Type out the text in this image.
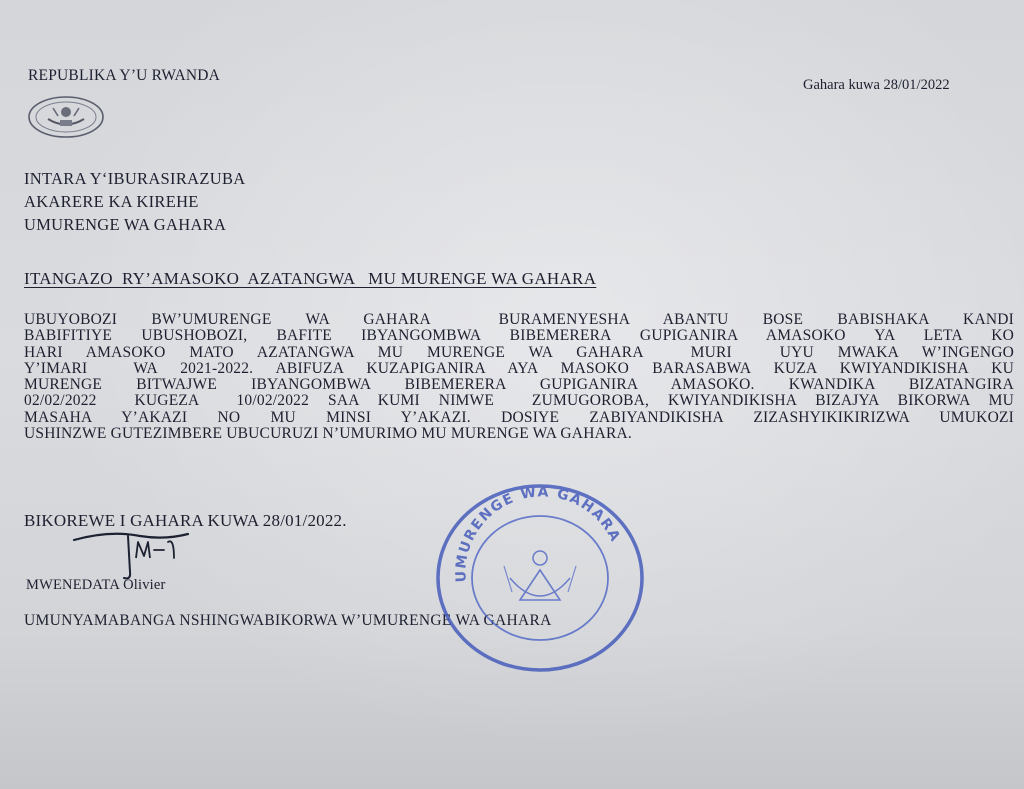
REPUBLIKA Y’U RWANDA
Gahara kuwa 28/01/2022
INTARA Y‘IBURASIRAZUBA
AKARERE KA KIREHE
UMURENGE WA GAHARA
ITANGAZO  RY’AMASOKO  AZATANGWA   MU MURENGE WA GAHARA
UBUYOBOZI BW’UMURENGE WA GAHARA  BURAMENYESHA ABANTU BOSE BABISHAKA KANDI
BABIFITIYE UBUSHOBOZI, BAFITE IBYANGOMBWA BIBEMERERA GUPIGANIRA AMASOKO YA LETA KO
HARI AMASOKO MATO AZATANGWA MU MURENGE WA GAHARA  MURI  UYU MWAKA W’INGENGO
Y’IMARI  WA 2021-2022. ABIFUZA KUZAPIGANIRA AYA MASOKO BARASABWA KUZA KWIYANDIKISHA KU
MURENGE BITWAJWE IBYANGOMBWA BIBEMERERA GUPIGANIRA AMASOKO. KWANDIKA BIZATANGIRA
02/02/2022  KUGEZA  10/02/2022 SAA KUMI NIMWE  ZUMUGOROBA, KWIYANDIKISHA BIZAJYA BIKORWA MU
MASAHA Y’AKAZI NO MU MINSI Y’AKAZI. DOSIYE ZABIYANDIKISHA ZIZASHYIKIKIRIZWA UMUKOZI
USHINZWE GUTEZIMBERE UBUCURUZI N’UMURIMO MU MURENGE WA GAHARA.
BIKOREWE I GAHARA KUWA 28/01/2022.
MWENEDATA Olivier
UMUNYAMABANGA NSHINGWABIKORWA W’UMURENGE WA GAHARA
UMURENGE WA GAHARA
